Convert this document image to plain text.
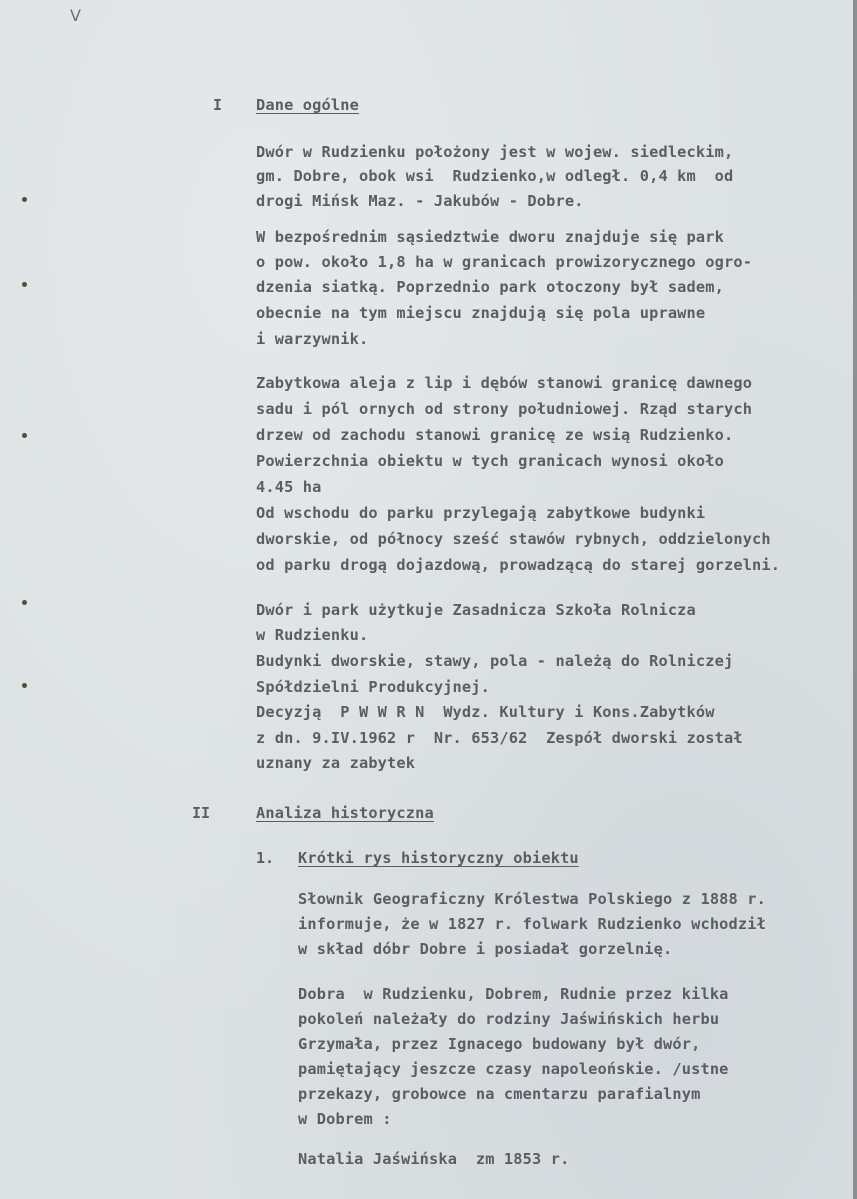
V
I Dane ogólne
Dwór w Rudzienku położony jest w wojew. siedleckim,
gm. Dobre, obok wsi  Rudzienko,w odległ. 0,4 km  od
drogi Mińsk Maz. - Jakubów - Dobre.
W bezpośrednim sąsiedztwie dworu znajduje się park
o pow. około 1,8 ha w granicach prowizorycznego ogro-
dzenia siatką. Poprzednio park otoczony był sadem,
obecnie na tym miejscu znajdują się pola uprawne
i warzywnik.
Zabytkowa aleja z lip i dębów stanowi granicę dawnego
sadu i pól ornych od strony południowej. Rząd starych
drzew od zachodu stanowi granicę ze wsią Rudzienko.
Powierzchnia obiektu w tych granicach wynosi około
4.45 ha
Od wschodu do parku przylegają zabytkowe budynki
dworskie, od północy sześć stawów rybnych, oddzielonych
od parku drogą dojazdową, prowadzącą do starej gorzelni.
Dwór i park użytkuje Zasadnicza Szkoła Rolnicza
w Rudzienku.
Budynki dworskie, stawy, pola - należą do Rolniczej
Spółdzielni Produkcyjnej.
Decyzją  P W W R N  Wydz. Kultury i Kons.Zabytków
z dn. 9.IV.1962 r  Nr. 653/62  Zespół dworski został
uznany za zabytek
II	Analiza historyczna
1. Krótki rys historyczny obiektu
Słownik Geograficzny Królestwa Polskiego z 1888 r.
informuje, że w 1827 r. folwark Rudzienko wchodził
w skład dóbr Dobre i posiadał gorzelnię.
Dobra  w Rudzienku, Dobrem, Rudnie przez kilka
pokoleń należały do rodziny Jaświńskich herbu
Grzymała, przez Ignacego budowany był dwór,
pamiętający jeszcze czasy napoleońskie. /ustne
przekazy, grobowce na cmentarzu parafialnym
w Dobrem :
Natalia Jaświńska  zm 1853 r.
